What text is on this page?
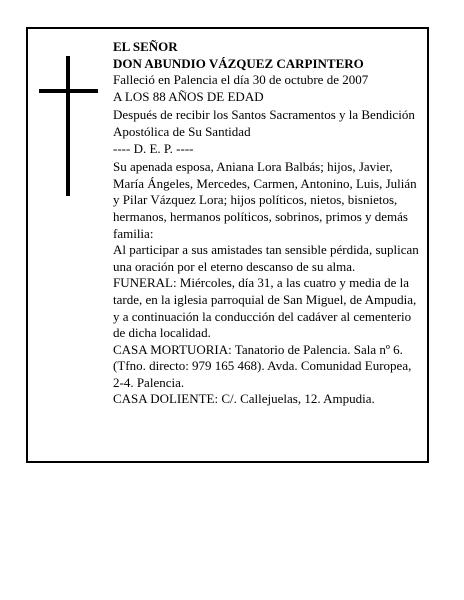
EL SEÑOR

DON ABUNDIO VÁZQUEZ CARPINTERO

Falleció en Palencia el día 30 de octubre de 2007

A LOS 88 AÑOS DE EDAD

Después de recibir los Santos Sacramentos y la Bendición Apostólica de Su Santidad

---- D. E. P. ----

Su apenada esposa, Aniana Lora Balbás; hijos, Javier, María Ángeles, Mercedes, Carmen, Antonino, Luis, Julián y Pilar Vázquez Lora; hijos políticos, nietos, bisnietos, hermanos, hermanos políticos, sobrinos, primos y demás familia:

Al participar a sus amistades tan sensible pérdida, suplican una oración por el eterno descanso de su alma.

FUNERAL: Miércoles, día 31, a las cuatro y media de la tarde, en la iglesia parroquial de San Miguel, de Ampudia, y a continuación la conducción del cadáver al cementerio de dicha localidad.

CASA MORTUORIA: Tanatorio de Palencia. Sala nº 6. (Tfno. directo: 979 165 468). Avda. Comunidad Europea, 2-4. Palencia.

CASA DOLIENTE: C/. Callejuelas, 12. Ampudia.
